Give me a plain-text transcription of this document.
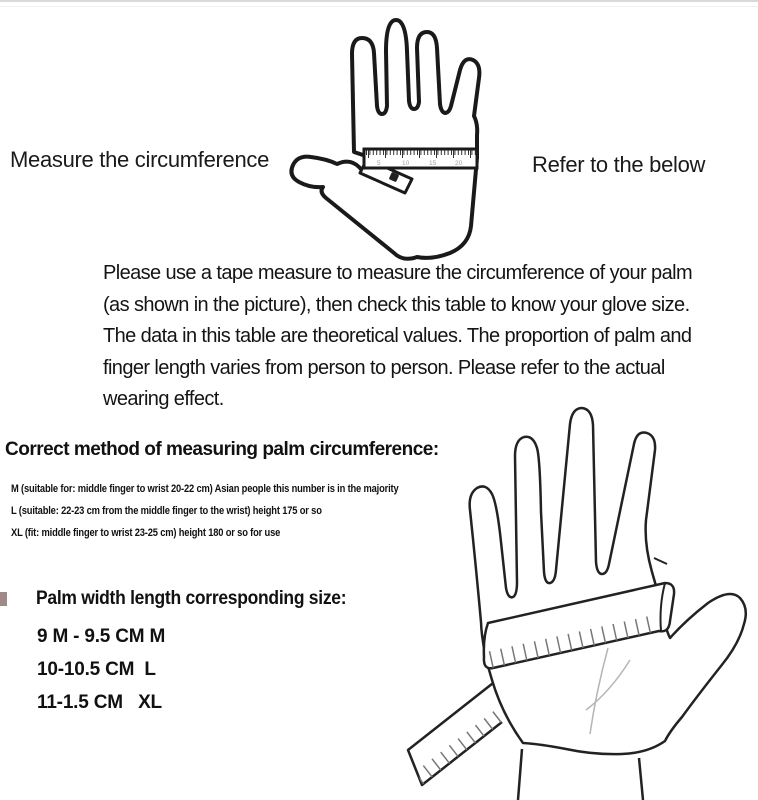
5	10	15	20
Measure the circumference	Refer to the below
Please use a tape measure to measure the circumference of your palm
(as shown in the picture), then check this table to know your glove size.
The data in this table are theoretical values. The proportion of palm and
finger length varies from person to person. Please refer to the actual
wearing effect.
Correct method of measuring palm circumference:
M (suitable for: middle finger to wrist 20-22 cm) Asian people this number is in the majority
L (suitable: 22-23 cm from the middle finger to the wrist) height 175 or so
XL (fit: middle finger to wrist 23-25 cm) height 180 or so for use
Palm width length corresponding size:
9 M - 9.5 CM M
10-10.5 CM  L
11-1.5 CM   XL
